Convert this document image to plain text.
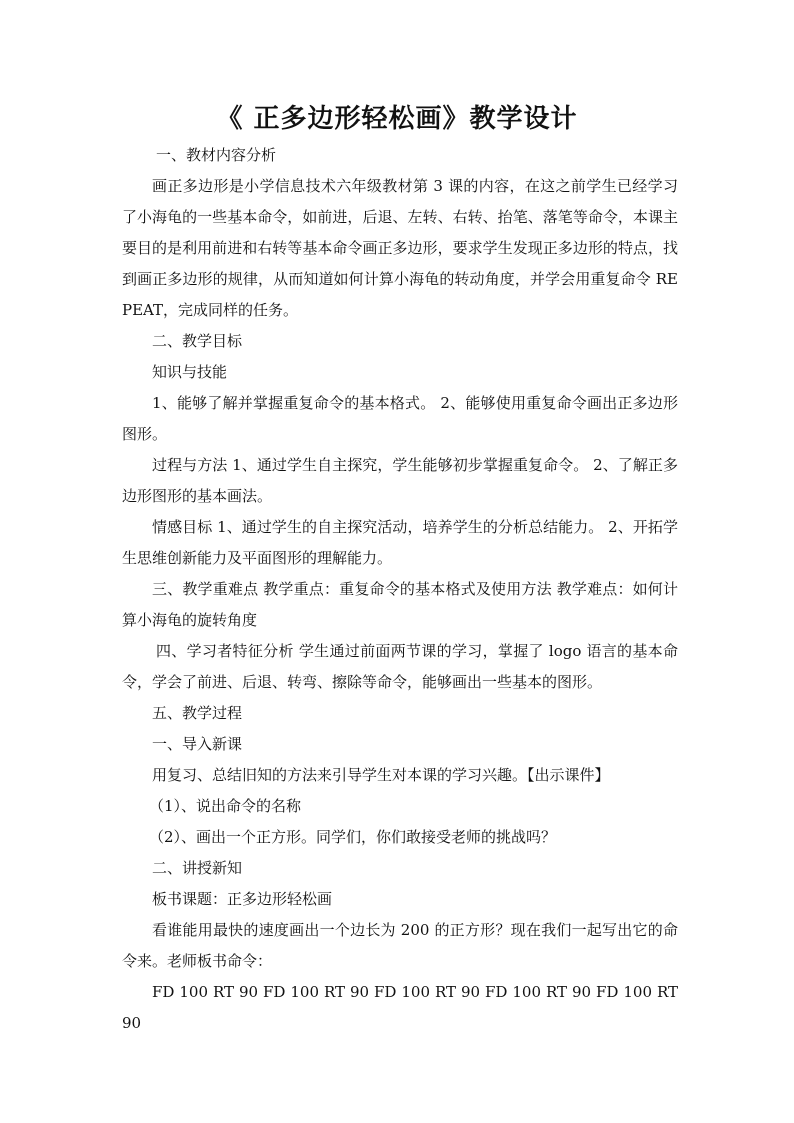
《 正多边形轻松画》教学设计

一、教材内容分析

画正多边形是小学信息技术六年级教材第 3 课的内容，在这之前学生已经学习了小海龟的一些基本命令，如前进，后退、左转、右转、抬笔、落笔等命令，本课主要目的是利用前进和右转等基本命令画正多边形，要求学生发现正多边形的特点，找到画正多边形的规律，从而知道如何计算小海龟的转动角度，并学会用重复命令 REPEAT，完成同样的任务。

二、教学目标

知识与技能

1、能够了解并掌握重复命令的基本格式。 2、能够使用重复命令画出正多边形图形。

过程与方法 1、通过学生自主探究，学生能够初步掌握重复命令。 2、了解正多边形图形的基本画法。

情感目标 1、通过学生的自主探究活动，培养学生的分析总结能力。 2、开拓学生思维创新能力及平面图形的理解能力。

三、教学重难点 教学重点：重复命令的基本格式及使用方法 教学难点：如何计算小海龟的旋转角度

四、学习者特征分析 学生通过前面两节课的学习，掌握了 logo 语言的基本命令，学会了前进、后退、转弯、擦除等命令，能够画出一些基本的图形。

五、教学过程

一、导入新课

用复习、总结旧知的方法来引导学生对本课的学习兴趣。【出示课件】

（1）、说出命令的名称

（2）、画出一个正方形。同学们，你们敢接受老师的挑战吗？

二、讲授新知

板书课题：正多边形轻松画

看谁能用最快的速度画出一个边长为 200 的正方形？现在我们一起写出它的命令来。老师板书命令：

FD 100 RT 90 FD 100 RT 90 FD 100 RT 90 FD 100 RT 90 FD 100 RT 90
